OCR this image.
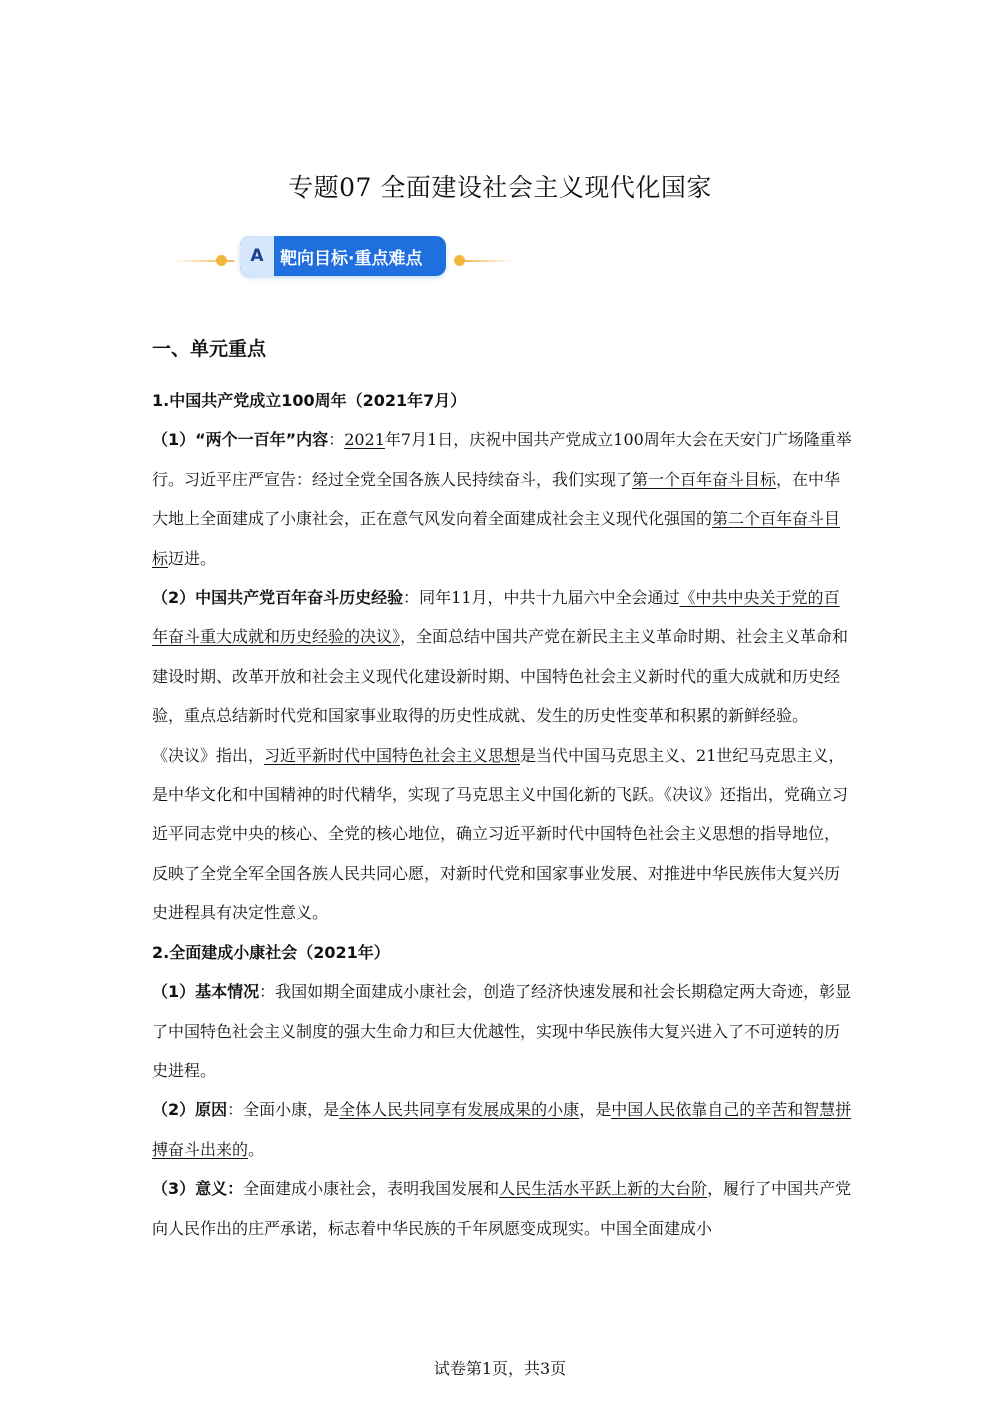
专题07 全面建设社会主义现代化国家
A 靶向目标·重点难点
一、单元重点

1.中国共产党成立100周年（2021年7月）

（1）“两个一百年”内容：2021年7月1日，庆祝中国共产党成立100周年大会在天安门广场隆重举行。习近平庄严宣告：经过全党全国各族人民持续奋斗，我们实现了第一个百年奋斗目标，在中华大地上全面建成了小康社会，正在意气风发向着全面建成社会主义现代化强国的第二个百年奋斗目标迈进。

（2）中国共产党百年奋斗历史经验：同年11月，中共十九届六中全会通过《中共中央关于党的百年奋斗重大成就和历史经验的决议》，全面总结中国共产党在新民主主义革命时期、社会主义革命和建设时期、改革开放和社会主义现代化建设新时期、中国特色社会主义新时代的重大成就和历史经验，重点总结新时代党和国家事业取得的历史性成就、发生的历史性变革和积累的新鲜经验。

《决议》指出，习近平新时代中国特色社会主义思想是当代中国马克思主义、21世纪马克思主义，是中华文化和中国精神的时代精华，实现了马克思主义中国化新的飞跃。《决议》还指出，党确立习近平同志党中央的核心、全党的核心地位，确立习近平新时代中国特色社会主义思想的指导地位，反映了全党全军全国各族人民共同心愿，对新时代党和国家事业发展、对推进中华民族伟大复兴历史进程具有决定性意义。

2.全面建成小康社会（2021年）

（1）基本情况：我国如期全面建成小康社会，创造了经济快速发展和社会长期稳定两大奇迹，彰显了中国特色社会主义制度的强大生命力和巨大优越性，实现中华民族伟大复兴进入了不可逆转的历史进程。

（2）原因：全面小康，是全体人民共同享有发展成果的小康，是中国人民依靠自己的辛苦和智慧拼搏奋斗出来的。

（3）意义：全面建成小康社会，表明我国发展和人民生活水平跃上新的大台阶，履行了中国共产党向人民作出的庄严承诺，标志着中华民族的千年夙愿变成现实。中国全面建成小

试卷第1页，共3页
